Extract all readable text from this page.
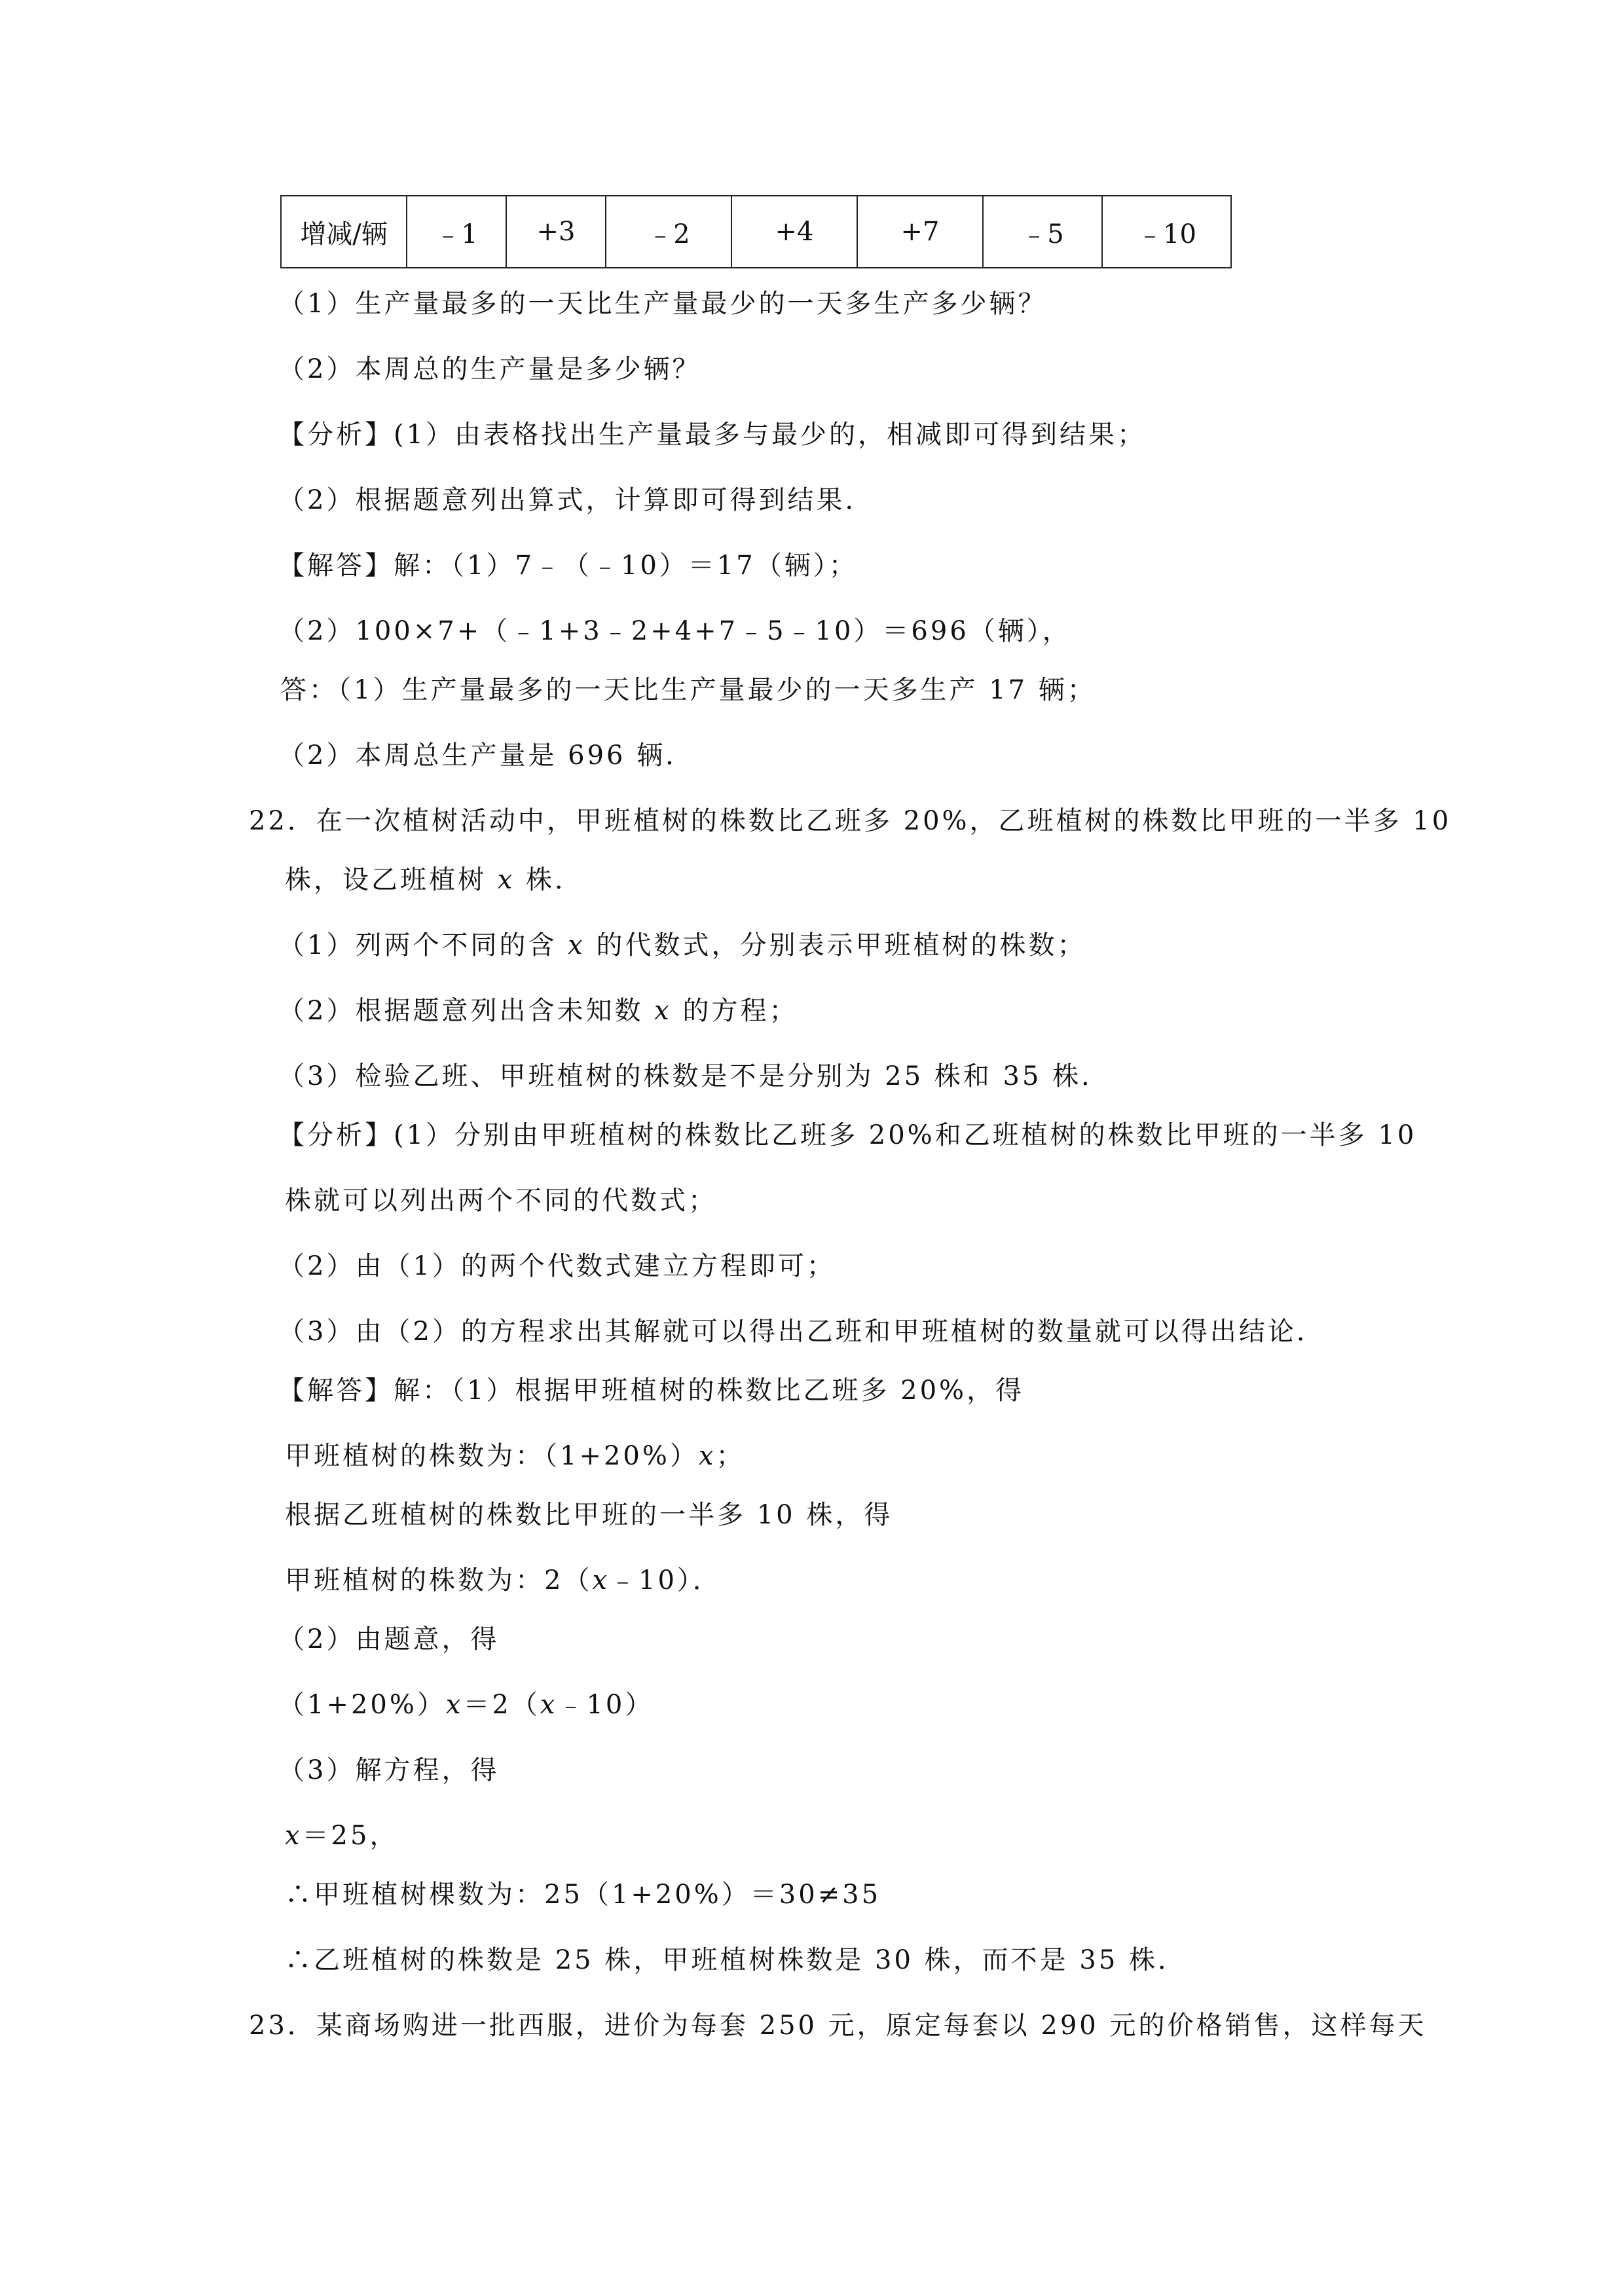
增减/辆	﹣1	+3	﹣2	+4	+7	﹣5	﹣10
（1）生产量最多的一天比生产量最少的一天多生产多少辆？
（2）本周总的生产量是多少辆？
【分析】(1）由表格找出生产量最多与最少的，相减即可得到结果；
（2）根据题意列出算式，计算即可得到结果．
【解答】解：（1）7﹣（﹣10）＝17（辆）；
（2）100×7+（﹣1+3﹣2+4+7﹣5﹣10）＝696（辆），
答：（1）生产量最多的一天比生产量最少的一天多生产 17 辆；
（2）本周总生产量是 696 辆．
22．在一次植树活动中，甲班植树的株数比乙班多 20%，乙班植树的株数比甲班的一半多 10
株，设乙班植树 x 株．
（1）列两个不同的含 x 的代数式，分别表示甲班植树的株数；
（2）根据题意列出含未知数 x 的方程；
（3）检验乙班、甲班植树的株数是不是分别为 25 株和 35 株．
【分析】(1）分别由甲班植树的株数比乙班多 20%和乙班植树的株数比甲班的一半多 10
株就可以列出两个不同的代数式；
（2）由（1）的两个代数式建立方程即可；
（3）由（2）的方程求出其解就可以得出乙班和甲班植树的数量就可以得出结论．
【解答】解：（1）根据甲班植树的株数比乙班多 20%，得
甲班植树的株数为：（1+20%）x；
根据乙班植树的株数比甲班的一半多 10 株，得
甲班植树的株数为：2（x﹣10）．
（2）由题意，得
（1+20%）x＝2（x﹣10）
（3）解方程，得
x＝25，
∴甲班植树棵数为：25（1+20%）＝30≠35
∴乙班植树的株数是 25 株，甲班植树株数是 30 株，而不是 35 株．
23．某商场购进一批西服，进价为每套 250 元，原定每套以 290 元的价格销售，这样每天
